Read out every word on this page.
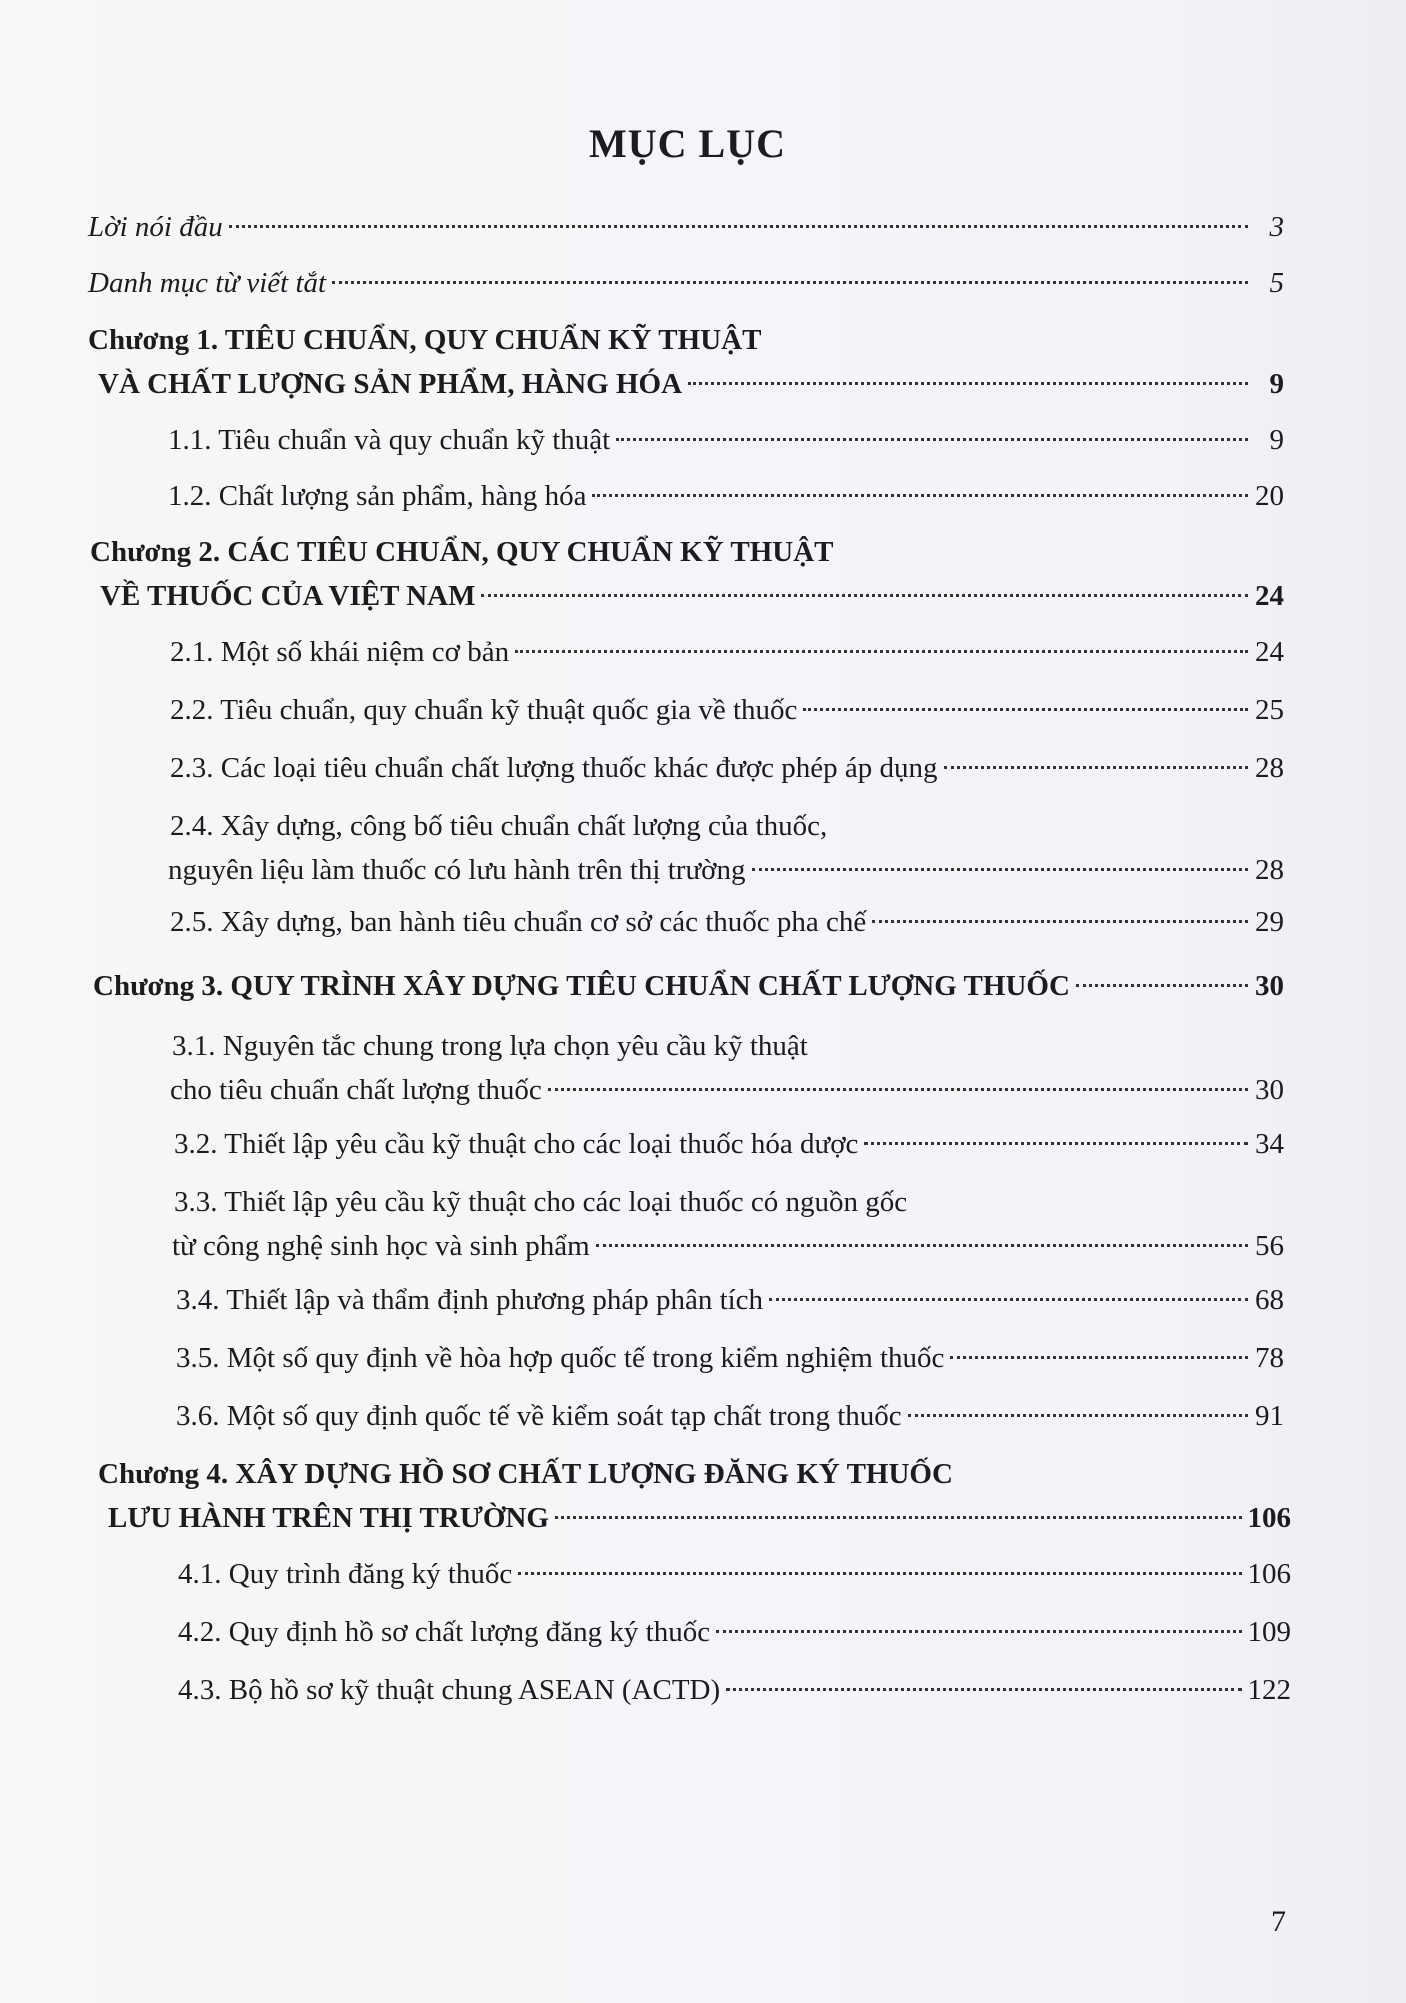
MỤC LỤC
Lời nói đầu	3
Danh mục từ viết tắt	5
Chương 1. TIÊU CHUẨN, QUY CHUẨN KỸ THUẬT
VÀ CHẤT LƯỢNG SẢN PHẨM, HÀNG HÓA	9
1.1. Tiêu chuẩn và quy chuẩn kỹ thuật	9
1.2. Chất lượng sản phẩm, hàng hóa	20
Chương 2. CÁC TIÊU CHUẨN, QUY CHUẨN KỸ THUẬT
VỀ THUỐC CỦA VIỆT NAM	24
2.1. Một số khái niệm cơ bản	24
2.2. Tiêu chuẩn, quy chuẩn kỹ thuật quốc gia về thuốc	25
2.3. Các loại tiêu chuẩn chất lượng thuốc khác được phép áp dụng	28
2.4. Xây dựng, công bố tiêu chuẩn chất lượng của thuốc,
nguyên liệu làm thuốc có lưu hành trên thị trường	28
2.5. Xây dựng, ban hành tiêu chuẩn cơ sở các thuốc pha chế	29
Chương 3. QUY TRÌNH XÂY DỰNG TIÊU CHUẨN CHẤT LƯỢNG THUỐC	30
3.1. Nguyên tắc chung trong lựa chọn yêu cầu kỹ thuật
cho tiêu chuẩn chất lượng thuốc	30
3.2. Thiết lập yêu cầu kỹ thuật cho các loại thuốc hóa dược	34
3.3. Thiết lập yêu cầu kỹ thuật cho các loại thuốc có nguồn gốc
từ công nghệ sinh học và sinh phẩm	56
3.4. Thiết lập và thẩm định phương pháp phân tích	68
3.5. Một số quy định về hòa hợp quốc tế trong kiểm nghiệm thuốc	78
3.6. Một số quy định quốc tế về kiểm soát tạp chất trong thuốc	91
Chương 4. XÂY DỰNG HỒ SƠ CHẤT LƯỢNG ĐĂNG KÝ THUỐC
LƯU HÀNH TRÊN THỊ TRƯỜNG	106
4.1. Quy trình đăng ký thuốc	106
4.2. Quy định hồ sơ chất lượng đăng ký thuốc	109
4.3. Bộ hồ sơ kỹ thuật chung ASEAN (ACTD)	122
7
